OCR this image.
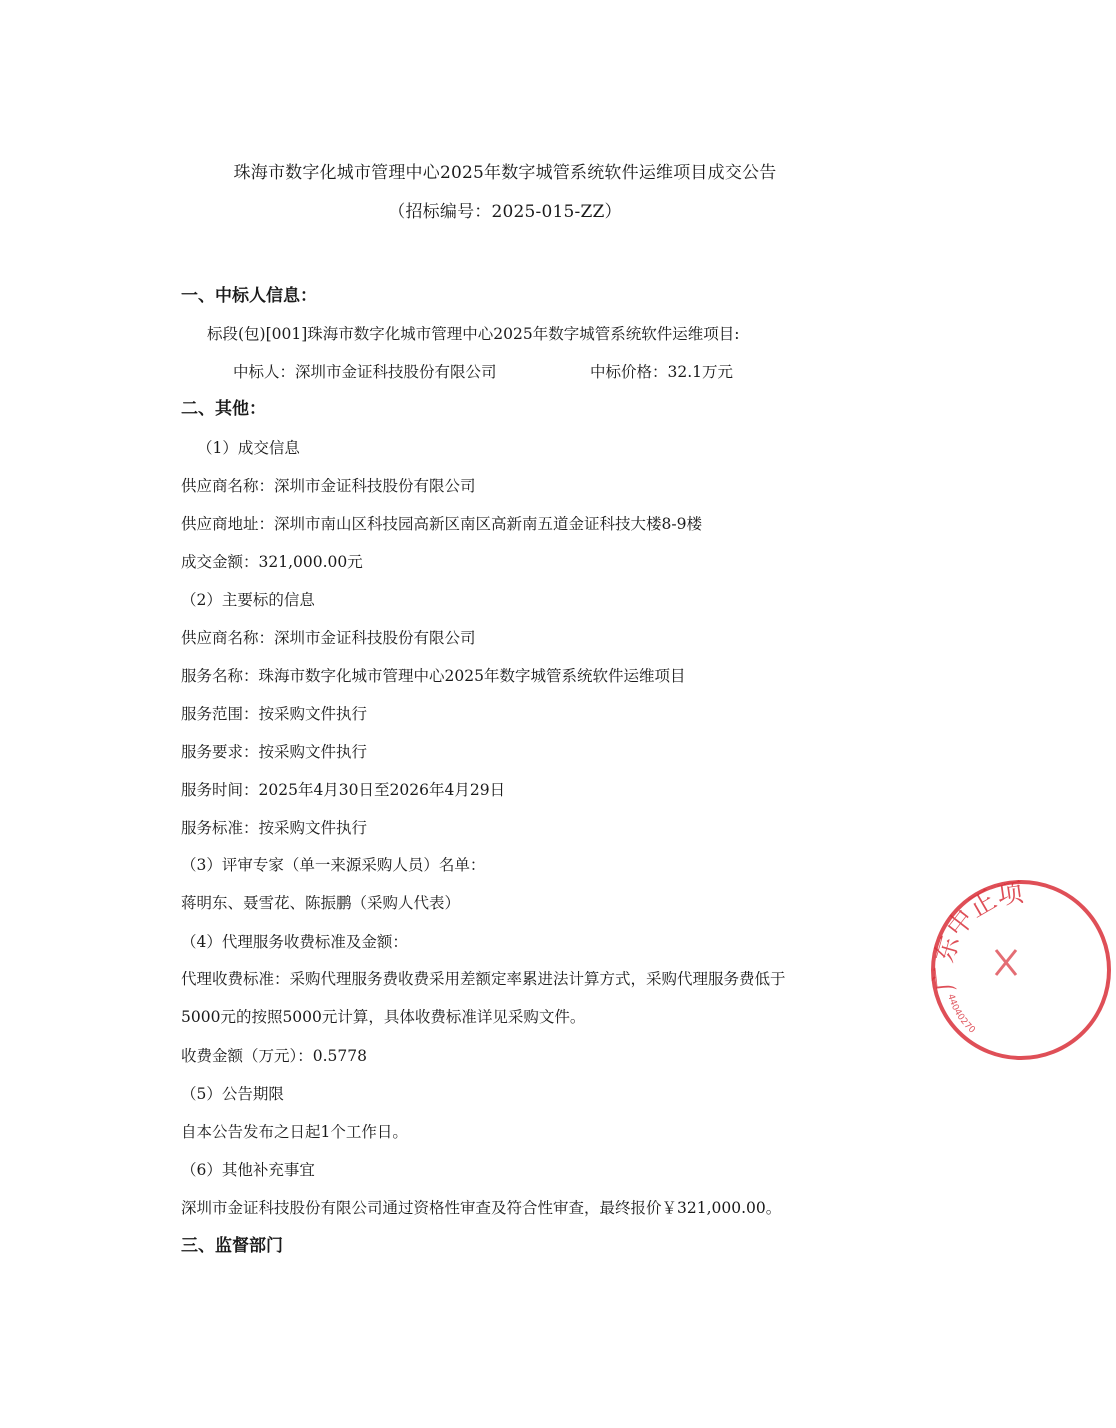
珠海市数字化城市管理中心2025年数字城管系统软件运维项目成交公告
（招标编号：2025-015-ZZ）
一、中标人信息：
标段(包)[001]珠海市数字化城市管理中心2025年数字城管系统软件运维项目:
中标人：深圳市金证科技股份有限公司	中标价格：32.1万元
二、其他：
（1）成交信息
供应商名称：深圳市金证科技股份有限公司
供应商地址：深圳市南山区科技园高新区南区高新南五道金证科技大楼8-9楼
成交金额：321,000.00元
（2）主要标的信息
供应商名称：深圳市金证科技股份有限公司
服务名称：珠海市数字化城市管理中心2025年数字城管系统软件运维项目
服务范围：按采购文件执行
服务要求：按采购文件执行
服务时间：2025年4月30日至2026年4月29日
服务标准：按采购文件执行
（3）评审专家（单一来源采购人员）名单：
蒋明东、聂雪花、陈振鹏（采购人代表）
（4）代理服务收费标准及金额：
代理收费标准：采购代理服务费收费采用差额定率累进法计算方式，采购代理服务费低于
5000元的按照5000元计算，具体收费标准详见采购文件。
收费金额（万元）：0.5778
（5）公告期限
自本公告发布之日起1个工作日。
（6）其他补充事宜
深圳市金证科技股份有限公司通过资格性审查及符合性审查，最终报价￥321,000.00。
三、监督部门
广东中正项
44040270
